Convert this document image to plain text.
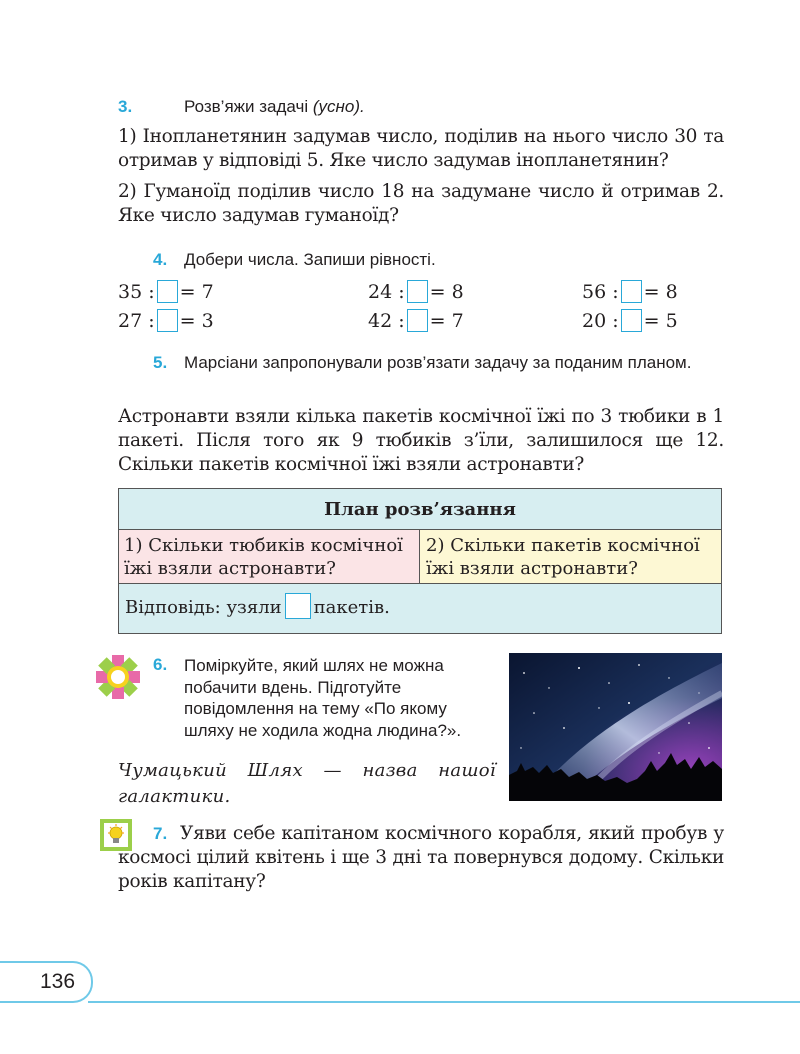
3.	Розв’яжи задачі (усно).
1) Інопланетянин задумав число, поділив на нього число 30 та отримав у відповіді 5. Яке число задумав інопланетянин?
2) Гуманоїд поділив число 18 на задумане число й отримав 2. Яке число задумав гуманоїд?
4. Добери числа. Запиши рівності.
35 : = 7	24 : = 8	56 : = 8
27 : = 3	42 : = 7	20 : = 5
5. Марсіани запропонували розв’язати задачу за поданим планом.
Астронавти взяли кілька пакетів космічної їжі по 3 тюбики в 1 пакеті. Після того як 9 тюбиків з’їли, залишилося ще 12. Скільки пакетів космічної їжі взяли астронавти?
План розв’язання
1) Скільки тюбиків космічної їжі взяли астронавти?
2) Скільки пакетів космічної їжі взяли астронавти?
Відповідь: узяли пакетів.
6. Поміркуйте, який шлях не можна побачити вдень. Підготуйте повідомлення на тему «По якому шляху не ходила жодна людина?».
Чумацький Шлях — назва нашої галактики.
7. Уяви себе капітаном космічного корабля, який пробув у космосі цілий квітень і ще 3 дні та повернувся додому. Скільки років капітану?
136
